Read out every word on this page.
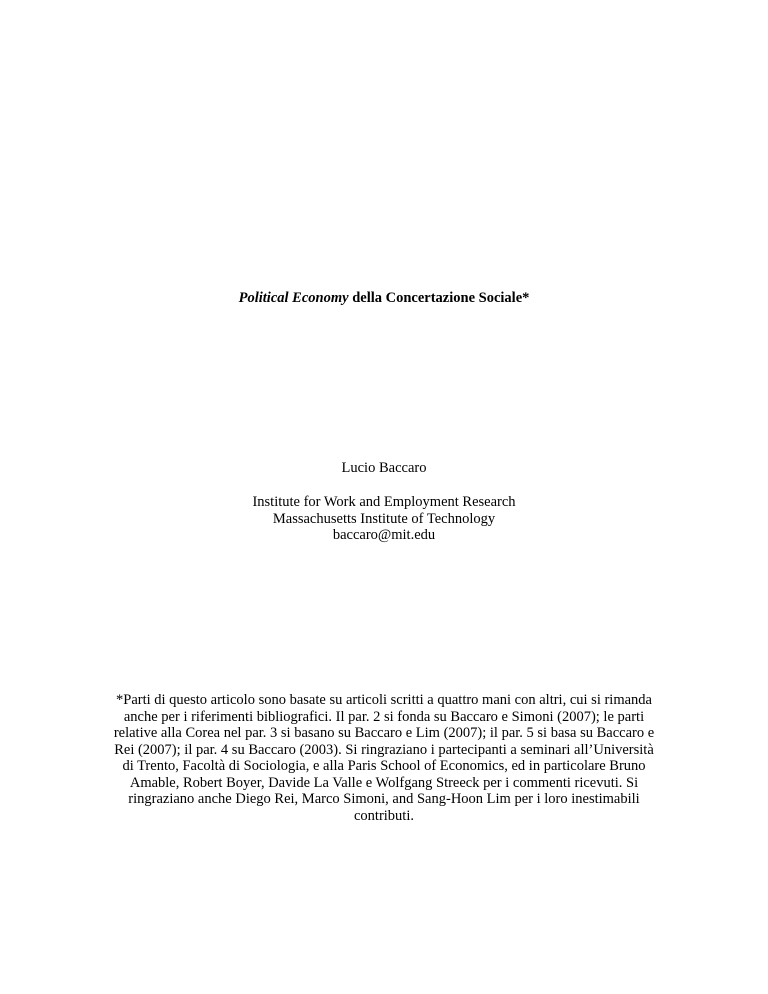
Political Economy della Concertazione Sociale*
Lucio Baccaro
Institute for Work and Employment Research
Massachusetts Institute of Technology
baccaro@mit.edu
*Parti di questo articolo sono basate su articoli scritti a quattro mani con altri, cui si rimanda
anche per i riferimenti bibliografici. Il par. 2 si fonda su Baccaro e Simoni (2007); le parti
relative alla Corea nel par. 3 si basano su Baccaro e Lim (2007); il par. 5 si basa su Baccaro e
Rei (2007); il par. 4 su Baccaro (2003). Si ringraziano i partecipanti a seminari all’Università
di Trento, Facoltà di Sociologia, e alla Paris School of Economics, ed in particolare Bruno
Amable, Robert Boyer, Davide La Valle e Wolfgang Streeck per i commenti ricevuti. Si
ringraziano anche Diego Rei, Marco Simoni, and Sang-Hoon Lim per i loro inestimabili
contributi.
